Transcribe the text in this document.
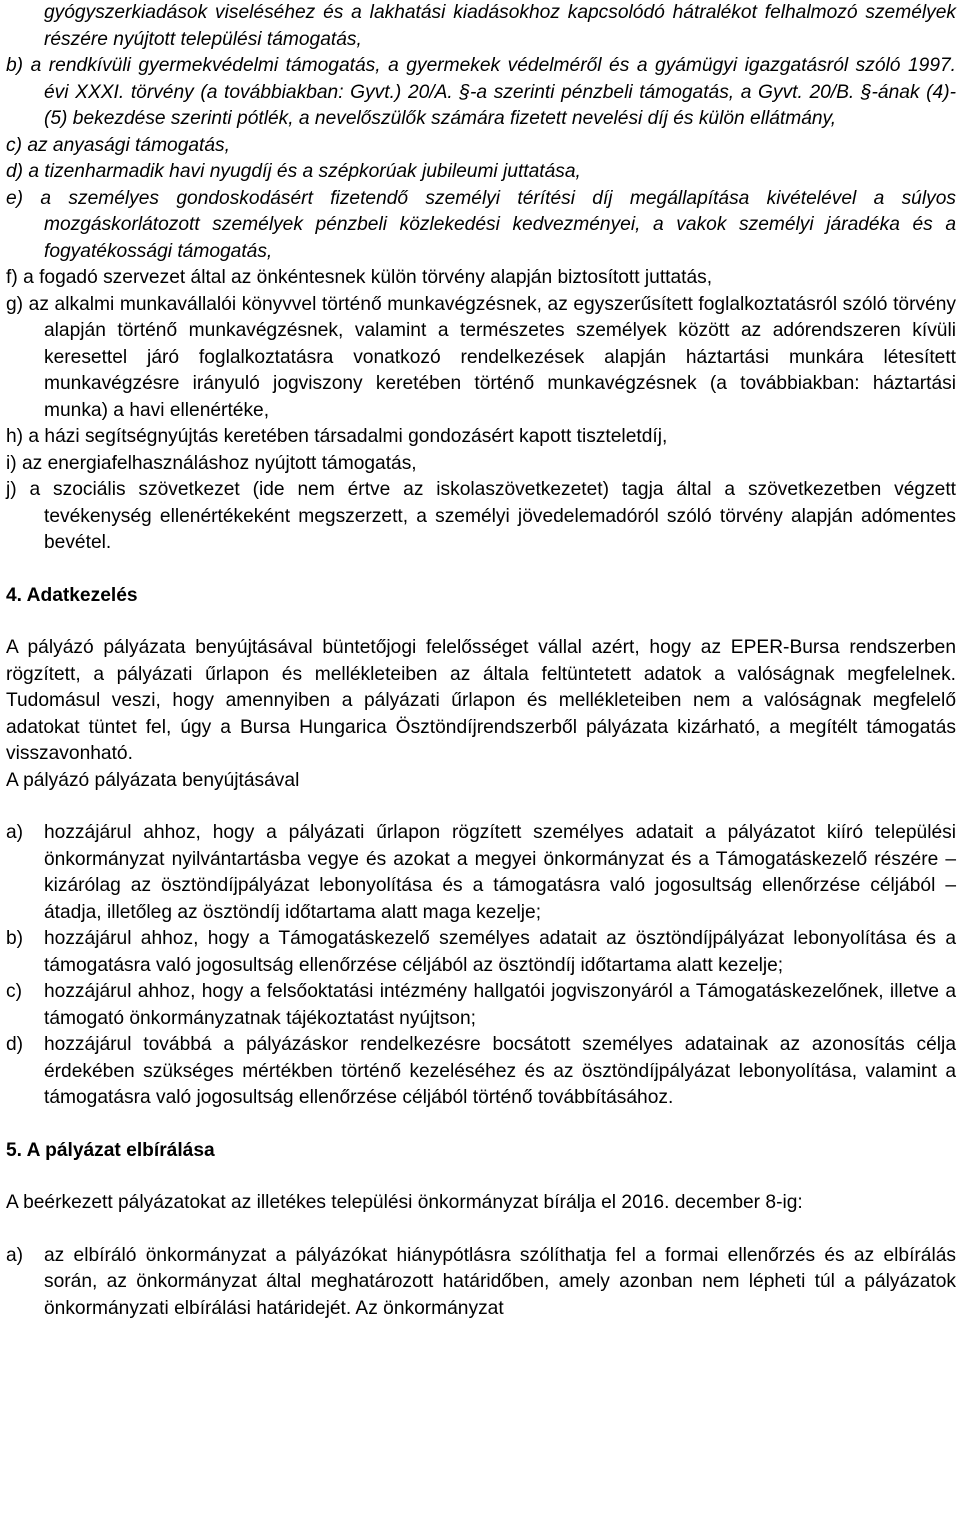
gyógyszerkiadások viseléséhez és a lakhatási kiadásokhoz kapcsolódó hátralékot felhalmozó személyek részére nyújtott települési támogatás,
b) a rendkívüli gyermekvédelmi támogatás, a gyermekek védelméről és a gyámügyi igazgatásról szóló 1997. évi XXXI. törvény (a továbbiakban: Gyvt.) 20/A. §-a szerinti pénzbeli támogatás, a Gyvt. 20/B. §-ának (4)-(5) bekezdése szerinti pótlék, a nevelőszülők számára fizetett nevelési díj és külön ellátmány,
c) az anyasági támogatás,
d) a tizenharmadik havi nyugdíj és a szépkorúak jubileumi juttatása,
e) a személyes gondoskodásért fizetendő személyi térítési díj megállapítása kivételével a súlyos mozgáskorlátozott személyek pénzbeli közlekedési kedvezményei, a vakok személyi járadéka és a fogyatékossági támogatás,
f) a fogadó szervezet által az önkéntesnek külön törvény alapján biztosított juttatás,
g) az alkalmi munkavállalói könyvvel történő munkavégzésnek, az egyszerűsített foglalkoztatásról szóló törvény alapján történő munkavégzésnek, valamint a természetes személyek között az adórendszeren kívüli keresettel járó foglalkoztatásra vonatkozó rendelkezések alapján háztartási munkára létesített munkavégzésre irányuló jogviszony keretében történő munkavégzésnek (a továbbiakban: háztartási munka) a havi ellenértéke,
h) a házi segítségnyújtás keretében társadalmi gondozásért kapott tiszteletdíj,
i) az energiafelhasználáshoz nyújtott támogatás,
j) a szociális szövetkezet (ide nem értve az iskolaszövetkezetet) tagja által a szövetkezetben végzett tevékenység ellenértékeként megszerzett, a személyi jövedelemadóról szóló törvény alapján adómentes bevétel.
4. Adatkezelés
A pályázó pályázata benyújtásával büntetőjogi felelősséget vállal azért, hogy az EPER-Bursa rendszerben rögzített, a pályázati űrlapon és mellékleteiben az általa feltüntetett adatok a valóságnak megfelelnek. Tudomásul veszi, hogy amennyiben a pályázati űrlapon és mellékleteiben nem a valóságnak megfelelő adatokat tüntet fel, úgy a Bursa Hungarica Ösztöndíjrendszerből pályázata kizárható, a megítélt támogatás visszavonható.
A pályázó pályázata benyújtásával
a)	hozzájárul ahhoz, hogy a pályázati űrlapon rögzített személyes adatait a pályázatot kiíró települési önkormányzat nyilvántartásba vegye és azokat a megyei önkormányzat és a Támogatáskezelő részére – kizárólag az ösztöndíjpályázat lebonyolítása és a támogatásra való jogosultság ellenőrzése céljából – átadja, illetőleg az ösztöndíj időtartama alatt maga kezelje;
b)	hozzájárul ahhoz, hogy a Támogatáskezelő személyes adatait az ösztöndíjpályázat lebonyolítása és a támogatásra való jogosultság ellenőrzése céljából az ösztöndíj időtartama alatt kezelje;
c)	hozzájárul ahhoz, hogy a felsőoktatási intézmény hallgatói jogviszonyáról a Támogatáskezelőnek, illetve a támogató önkormányzatnak tájékoztatást nyújtson;
d)	hozzájárul továbbá a pályázáskor rendelkezésre bocsátott személyes adatainak az azonosítás célja érdekében szükséges mértékben történő kezeléséhez és az ösztöndíjpályázat lebonyolítása, valamint a támogatásra való jogosultság ellenőrzése céljából történő továbbításához.
5. A pályázat elbírálása
A beérkezett pályázatokat az illetékes települési önkormányzat bírálja el 2016. december 8-ig:
a)	az elbíráló önkormányzat a pályázókat hiánypótlásra szólíthatja fel a formai ellenőrzés és az elbírálás során, az önkormányzat által meghatározott határidőben, amely azonban nem lépheti túl a pályázatok önkormányzati elbírálási határidejét. Az önkormányzat
